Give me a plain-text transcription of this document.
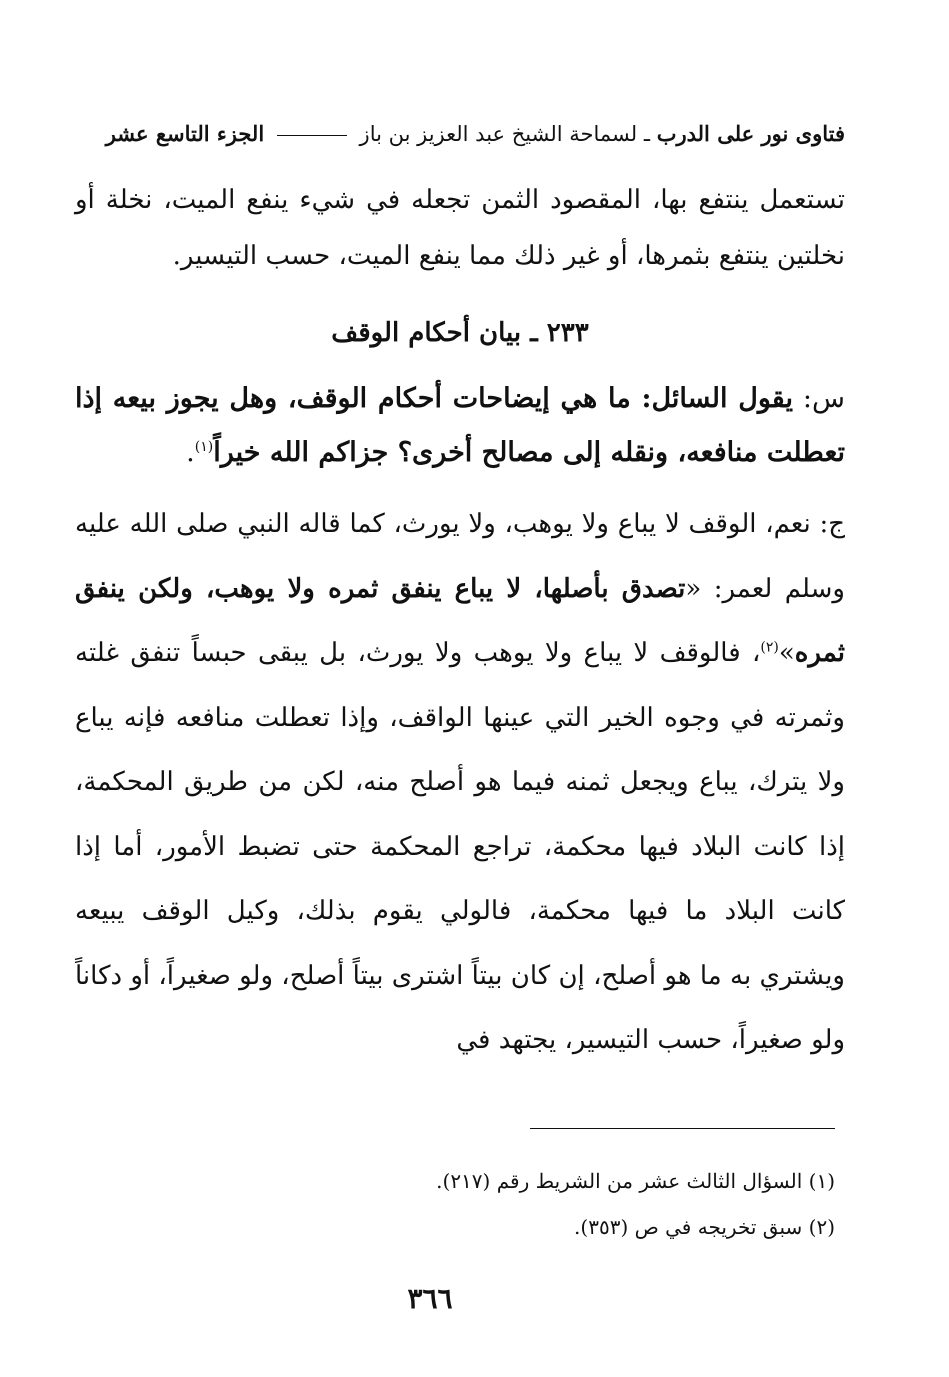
فتاوى نور على الدرب ـ لسماحة الشيخ عبد العزيز بن باز  الجزء التاسع عشر
تستعمل ينتفع بها، المقصود الثمن تجعله في شيء ينفع الميت، نخلة أو نخلتين ينتفع بثمرها، أو غير ذلك مما ينفع الميت، حسب التيسير.
٢٣٣ ـ بيان أحكام الوقف
س: يقول السائل: ما هي إيضاحات أحكام الوقف، وهل يجوز بيعه إذا تعطلت منافعه، ونقله إلى مصالح أخرى؟ جزاكم الله خيراً$^{(١)}$.
ج: نعم، الوقف لا يباع ولا يوهب، ولا يورث، كما قاله النبي صلى الله عليه وسلم لعمر: «تصدق بأصلها، لا يباع ينفق ثمره ولا يوهب، ولكن ينفق ثمره»$^{(٢)}$، فالوقف لا يباع ولا يوهب ولا يورث، بل يبقى حبساً تنفق غلته وثمرته في وجوه الخير التي عينها الواقف، وإذا تعطلت منافعه فإنه يباع ولا يترك، يباع ويجعل ثمنه فيما هو أصلح منه، لكن من طريق المحكمة، إذا كانت البلاد فيها محكمة، تراجع المحكمة حتى تضبط الأمور، أما إذا كانت البلاد ما فيها محكمة، فالولي يقوم بذلك، وكيل الوقف يبيعه ويشتري به ما هو أصلح، إن كان بيتاً اشترى بيتاً أصلح، ولو صغيراً، أو دكاناً ولو صغيراً، حسب التيسير، يجتهد في
(١) السؤال الثالث عشر من الشريط رقم (٢١٧).
(٢) سبق تخريجه في ص (٣٥٣).
٣٦٦
